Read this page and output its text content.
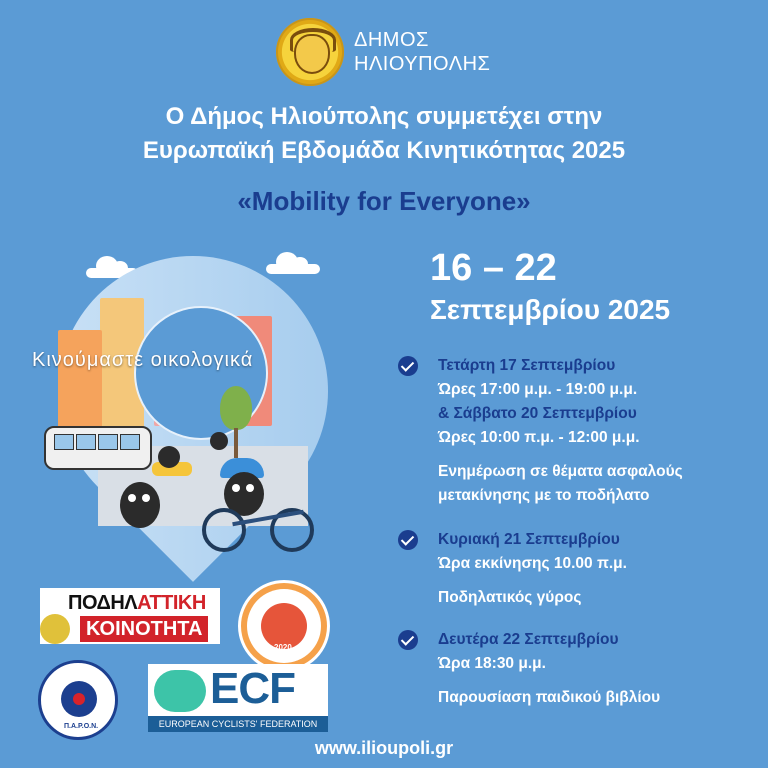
ΔΗΜΟΣ
ΗΛΙΟΥΠΟΛΗΣ
Ο Δήμος Ηλιούπολης συμμετέχει στην
Ευρωπαϊκή Εβδομάδα Κινητικότητας 2025
«Mobility for Everyone»
Κινούμαστε οικολογικά
16 – 22
Σεπτεμβρίου 2025
Τετάρτη 17 Σεπτεμβρίου
Ώρες 17:00 μ.μ. - 19:00 μ.μ.
& Σάββατο 20 Σεπτεμβρίου
Ώρες 10:00 π.μ. - 12:00 μ.μ.
Ενημέρωση σε θέματα ασφαλούς
μετακίνησης με το ποδήλατο
Κυριακή 21 Σεπτεμβρίου
Ώρα εκκίνησης 10.00 π.μ.
Ποδηλατικός γύρος
Δευτέρα 22 Σεπτεμβρίου
Ώρα 18:30 μ.μ.
Παρουσίαση παιδικού βιβλίου
ΠΟΔΗΛΑΤΤΙΚΗ
ΚΟΙΝΟΤΗΤΑ
2020
Π.Α.Ρ.Ο.Ν.
ECF
EUROPEAN CYCLISTS' FEDERATION
www.ilioupoli.gr
